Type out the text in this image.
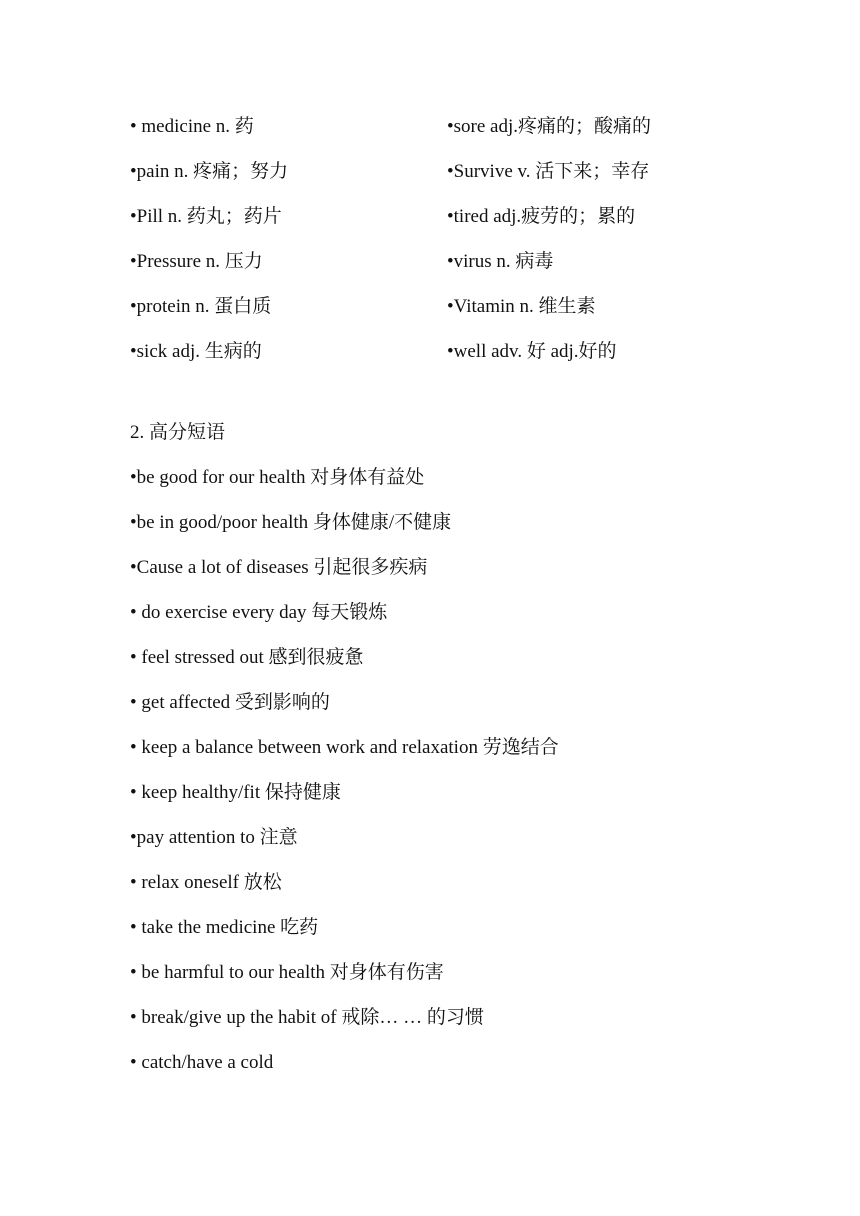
• medicine n. 药	•sore adj.疼痛的；酸痛的
•pain n. 疼痛；努力	•Survive v. 活下来；幸存
•Pill n. 药丸；药片	•tired adj.疲劳的；累的
•Pressure n. 压力	•virus n. 病毒
•protein n. 蛋白质	•Vitamin n. 维生素
•sick adj. 生病的	•well adv. 好 adj.好的
2. 高分短语
•be good for our health 对身体有益处
•be in good/poor health 身体健康/不健康
•Cause a lot of diseases 引起很多疾病
• do exercise every day 每天锻炼
• feel stressed out 感到很疲惫
• get affected 受到影响的
• keep a balance between work and relaxation 劳逸结合
• keep healthy/fit 保持健康
•pay attention to 注意
• relax oneself 放松
• take the medicine 吃药
• be harmful to our health 对身体有伤害
• break/give up the habit of 戒除… … 的习惯
• catch/have a cold
